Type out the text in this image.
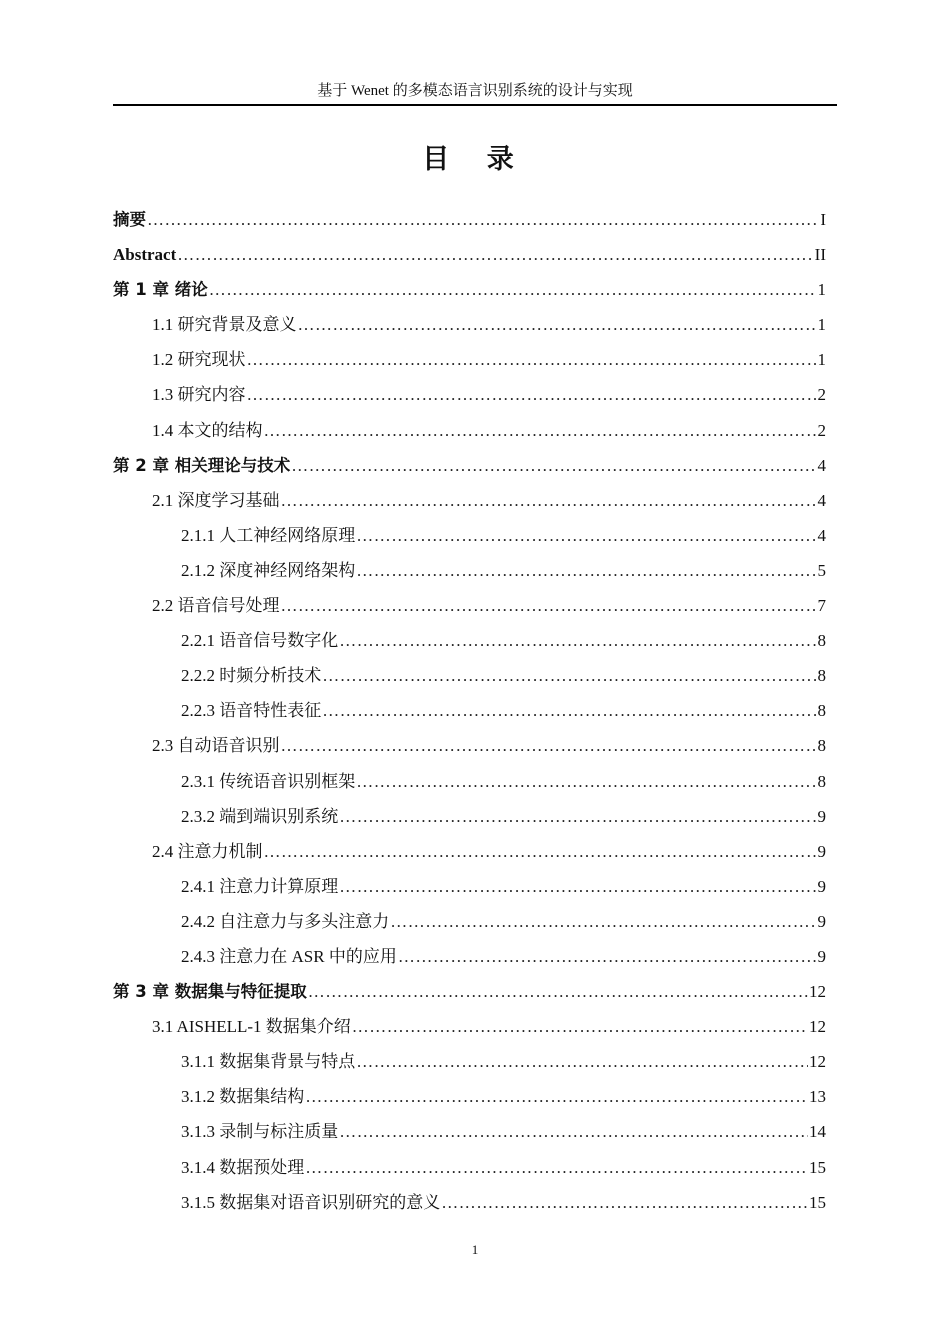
基于 Wenet 的多模态语言识别系统的设计与实现
目 录
摘要 ……………………………………………………………………………………………………………………………………………………………………………………………………………………………………………………………………………………………………	I
Abstract ……………………………………………………………………………………………………………………………………………………………………………………………………………………………………………………………………………………………………	II
第 1 章 绪论 ……………………………………………………………………………………………………………………………………………………………………………………………………………………………………………………………………………………………………	1
1.1 研究背景及意义 ……………………………………………………………………………………………………………………………………………………………………………………………………………………………………………………………………………………………………	1
1.2 研究现状 ……………………………………………………………………………………………………………………………………………………………………………………………………………………………………………………………………………………………………	1
1.3 研究内容 ……………………………………………………………………………………………………………………………………………………………………………………………………………………………………………………………………………………………………	2
1.4 本文的结构 ……………………………………………………………………………………………………………………………………………………………………………………………………………………………………………………………………………………………………	2
第 2 章 相关理论与技术 ……………………………………………………………………………………………………………………………………………………………………………………………………………………………………………………………………………………………………	4
2.1 深度学习基础 ……………………………………………………………………………………………………………………………………………………………………………………………………………………………………………………………………………………………………	4
2.1.1 人工神经网络原理 ……………………………………………………………………………………………………………………………………………………………………………………………………………………………………………………………………………………………………	4
2.1.2 深度神经网络架构 ……………………………………………………………………………………………………………………………………………………………………………………………………………………………………………………………………………………………………	5
2.2 语音信号处理 ……………………………………………………………………………………………………………………………………………………………………………………………………………………………………………………………………………………………………	7
2.2.1 语音信号数字化 ……………………………………………………………………………………………………………………………………………………………………………………………………………………………………………………………………………………………………	8
2.2.2 时频分析技术 ……………………………………………………………………………………………………………………………………………………………………………………………………………………………………………………………………………………………………	8
2.2.3 语音特性表征 ……………………………………………………………………………………………………………………………………………………………………………………………………………………………………………………………………………………………………	8
2.3 自动语音识别 ……………………………………………………………………………………………………………………………………………………………………………………………………………………………………………………………………………………………………	8
2.3.1 传统语音识别框架 ……………………………………………………………………………………………………………………………………………………………………………………………………………………………………………………………………………………………………	8
2.3.2 端到端识别系统 ……………………………………………………………………………………………………………………………………………………………………………………………………………………………………………………………………………………………………	9
2.4 注意力机制 ……………………………………………………………………………………………………………………………………………………………………………………………………………………………………………………………………………………………………	9
2.4.1 注意力计算原理 ……………………………………………………………………………………………………………………………………………………………………………………………………………………………………………………………………………………………………	9
2.4.2 自注意力与多头注意力 ……………………………………………………………………………………………………………………………………………………………………………………………………………………………………………………………………………………………………	9
2.4.3 注意力在 ASR 中的应用 ……………………………………………………………………………………………………………………………………………………………………………………………………………………………………………………………………………………………………	9
第 3 章 数据集与特征提取 ……………………………………………………………………………………………………………………………………………………………………………………………………………………………………………………………………………………………………	12
3.1 AISHELL-1 数据集介绍 ……………………………………………………………………………………………………………………………………………………………………………………………………………………………………………………………………………………………………	12
3.1.1 数据集背景与特点 ……………………………………………………………………………………………………………………………………………………………………………………………………………………………………………………………………………………………………	12
3.1.2 数据集结构 ……………………………………………………………………………………………………………………………………………………………………………………………………………………………………………………………………………………………………	13
3.1.3 录制与标注质量 ……………………………………………………………………………………………………………………………………………………………………………………………………………………………………………………………………………………………………	14
3.1.4 数据预处理 ……………………………………………………………………………………………………………………………………………………………………………………………………………………………………………………………………………………………………	15
3.1.5 数据集对语音识别研究的意义 ……………………………………………………………………………………………………………………………………………………………………………………………………………………………………………………………………………………………………	15
1
